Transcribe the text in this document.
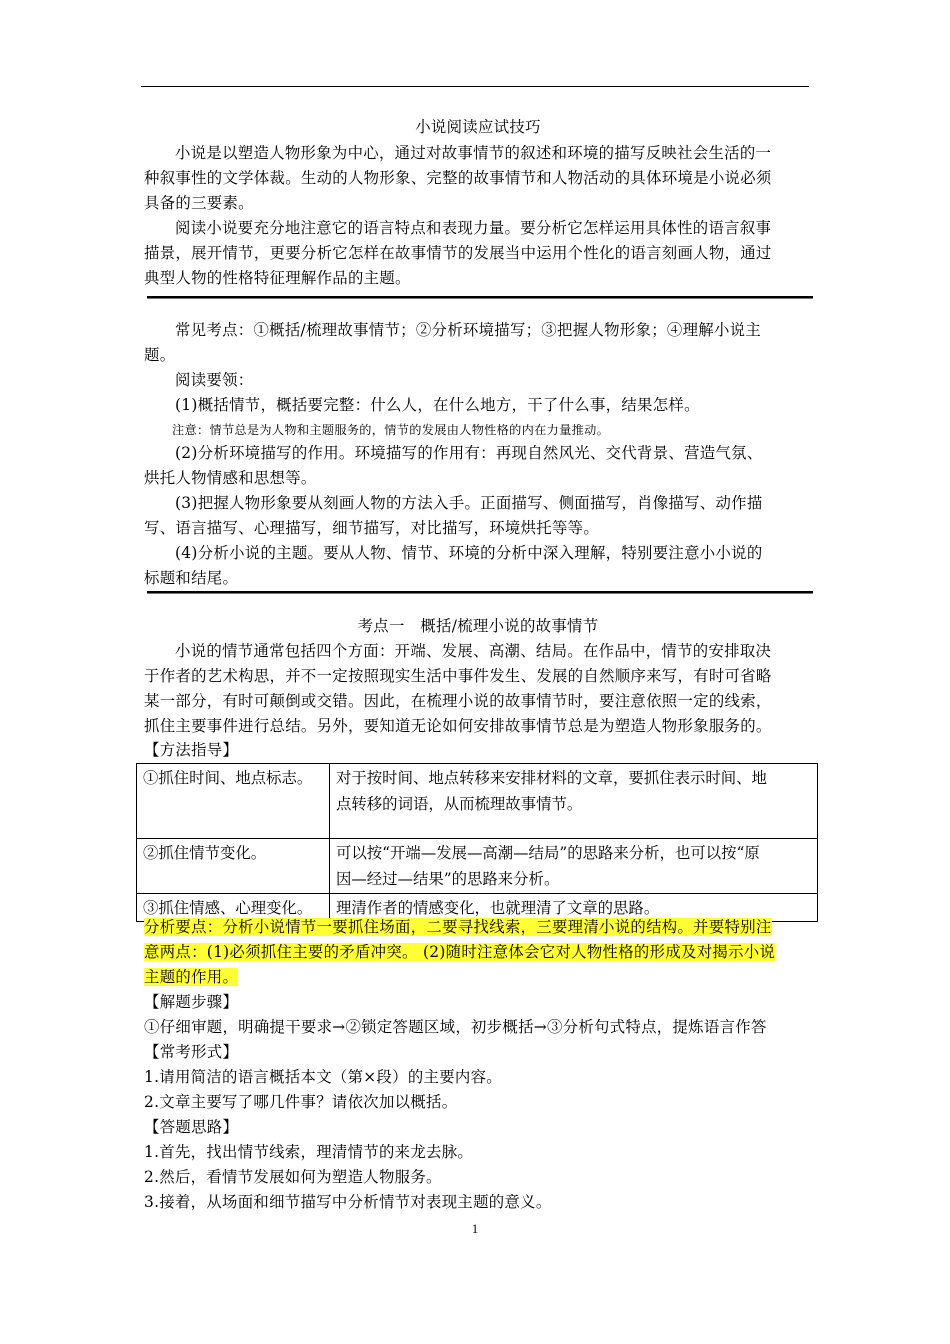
小说阅读应试技巧
小说是以塑造人物形象为中心，通过对故事情节的叙述和环境的描写反映社会生活的一
种叙事性的文学体裁。生动的人物形象、完整的故事情节和人物活动的具体环境是小说必须
具备的三要素。
阅读小说要充分地注意它的语言特点和表现力量。要分析它怎样运用具体性的语言叙事
描景，展开情节，更要分析它怎样在故事情节的发展当中运用个性化的语言刻画人物，通过
典型人物的性格特征理解作品的主题。
常见考点：①概括/梳理故事情节；②分析环境描写；③把握人物形象；④理解小说主
题。
阅读要领：
(1)概括情节，概括要完整：什么人，在什么地方，干了什么事，结果怎样。
注意：情节总是为人物和主题服务的，情节的发展由人物性格的内在力量推动。
(2)分析环境描写的作用。环境描写的作用有：再现自然风光、交代背景、营造气氛、
烘托人物情感和思想等。
(3)把握人物形象要从刻画人物的方法入手。正面描写、侧面描写，肖像描写、动作描
写、语言描写、心理描写，细节描写，对比描写，环境烘托等等。
(4)分析小说的主题。要从人物、情节、环境的分析中深入理解，特别要注意小小说的
标题和结尾。
考点一　概括/梳理小说的故事情节
小说的情节通常包括四个方面：开端、发展、高潮、结局。在作品中，情节的安排取决
于作者的艺术构思，并不一定按照现实生活中事件发生、发展的自然顺序来写，有时可省略
某一部分，有时可颠倒或交错。因此，在梳理小说的故事情节时，要注意依照一定的线索，
抓住主要事件进行总结。另外，要知道无论如何安排故事情节总是为塑造人物形象服务的。
【方法指导】
①抓住时间、地点标志。	对于按时间、地点转移来安排材料的文章，要抓住表示时间、地
点转移的词语，从而梳理故事情节。

②抓住情节变化。	可以按“开端—发展—高潮—结局”的思路来分析，也可以按“原
因—经过—结果”的思路来分析。

③抓住情感、心理变化。	理清作者的情感变化，也就理清了文章的思路。
分析要点：分析小说情节一要抓住场面，二要寻找线索，三要理清小说的结构。并要特别注
意两点：(1)必须抓住主要的矛盾冲突。 (2)随时注意体会它对人物性格的形成及对揭示小说
主题的作用。
【解题步骤】
①仔细审题，明确提干要求→②锁定答题区域，初步概括→③分析句式特点，提炼语言作答
【常考形式】
1.请用简洁的语言概括本文（第×段）的主要内容。
2.文章主要写了哪几件事？请依次加以概括。
【答题思路】
1.首先，找出情节线索，理清情节的来龙去脉。
2.然后，看情节发展如何为塑造人物服务。
3.接着，从场面和细节描写中分析情节对表现主题的意义。
1
